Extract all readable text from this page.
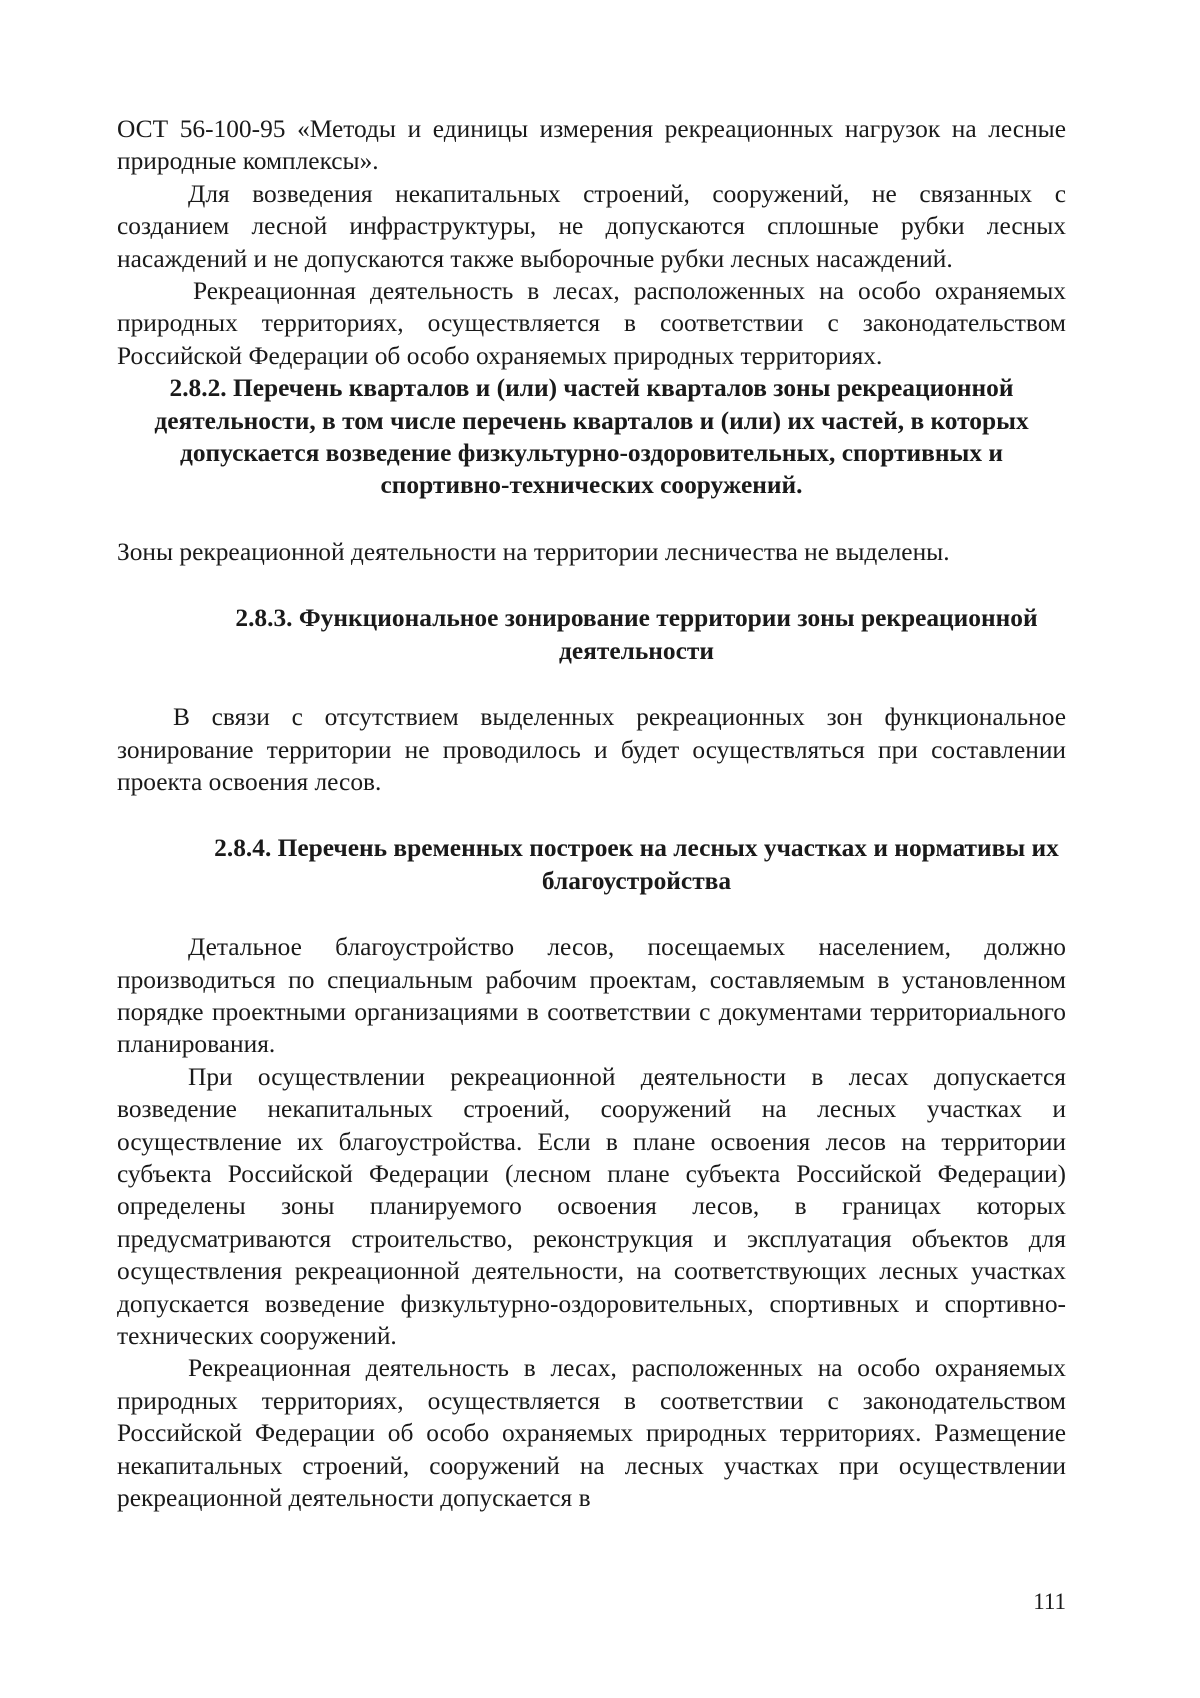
ОСТ 56-100-95 «Методы и единицы измерения рекреационных нагрузок на лесные природные комплексы».

Для возведения некапитальных строений, сооружений, не связанных с созданием лесной инфраструктуры, не допускаются сплошные рубки лесных насаждений и не допускаются также выборочные рубки лесных насаждений.

Рекреационная деятельность в лесах, расположенных на особо охраняемых природных территориях, осуществляется в соответствии с законодательством Российской Федерации об особо охраняемых природных территориях.

2.8.2. Перечень кварталов и (или) частей кварталов зоны рекреационной деятельности, в том числе перечень кварталов и (или) их частей, в которых допускается возведение физкультурно-оздоровительных, спортивных и спортивно-технических сооружений.

Зоны рекреационной деятельности на территории лесничества не выделены.

2.8.3. Функциональное зонирование территории зоны рекреационной деятельности

В связи с отсутствием выделенных рекреационных зон функциональное зонирование территории не проводилось и будет осуществляться при составлении проекта освоения лесов.

2.8.4. Перечень временных построек на лесных участках и нормативы их благоустройства

Детальное благоустройство лесов, посещаемых населением, должно производиться по специальным рабочим проектам, составляемым в установленном порядке проектными организациями в соответствии с документами территориального планирования.

При осуществлении рекреационной деятельности в лесах допускается возведение некапитальных строений, сооружений на лесных участках и осуществление их благоустройства. Если в плане освоения лесов на территории субъекта Российской Федерации (лесном плане субъекта Российской Федерации) определены зоны планируемого освоения лесов, в границах которых предусматриваются строительство, реконструкция и эксплуатация объектов для осуществления рекреационной деятельности, на соответствующих лесных участках допускается возведение физкультурно-оздоровительных, спортивных и спортивно-технических сооружений.

Рекреационная деятельность в лесах, расположенных на особо охраняемых природных территориях, осуществляется в соответствии с законодательством Российской Федерации об особо охраняемых природных территориях. Размещение некапитальных строений, сооружений на лесных участках при осуществлении рекреационной деятельности допускается в

111
